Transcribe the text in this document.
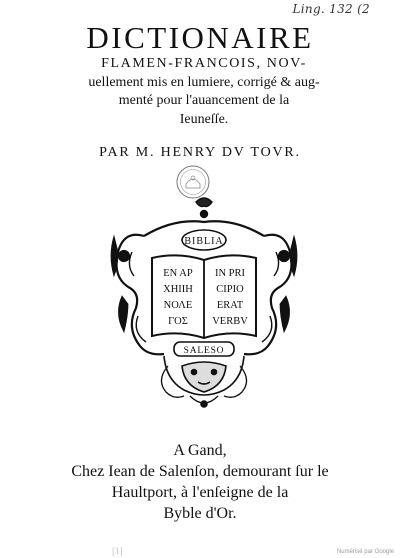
Ling. 132 (2
DICTIONAIRE
FLAMEN-FRANCOIS, NOV-
uellement mis en lumiere, corrigé & aug-
menté pour l'auancement de la
Ieuneſſe.
PAR M. HENRY DV TOVR.
BIBLIA
EN AP
ΧΗΙΙΗ
ΝΟΛΕ
ΓΟΣ
IN PRI
CIPIO
ERAT
VERBV
SALESO
A Gand,
Chez Iean de Salenſon, demourant ſur le
Haultport, à l'enſeigne de la
Byble d'Or.
[1]	Numérisé par Google
